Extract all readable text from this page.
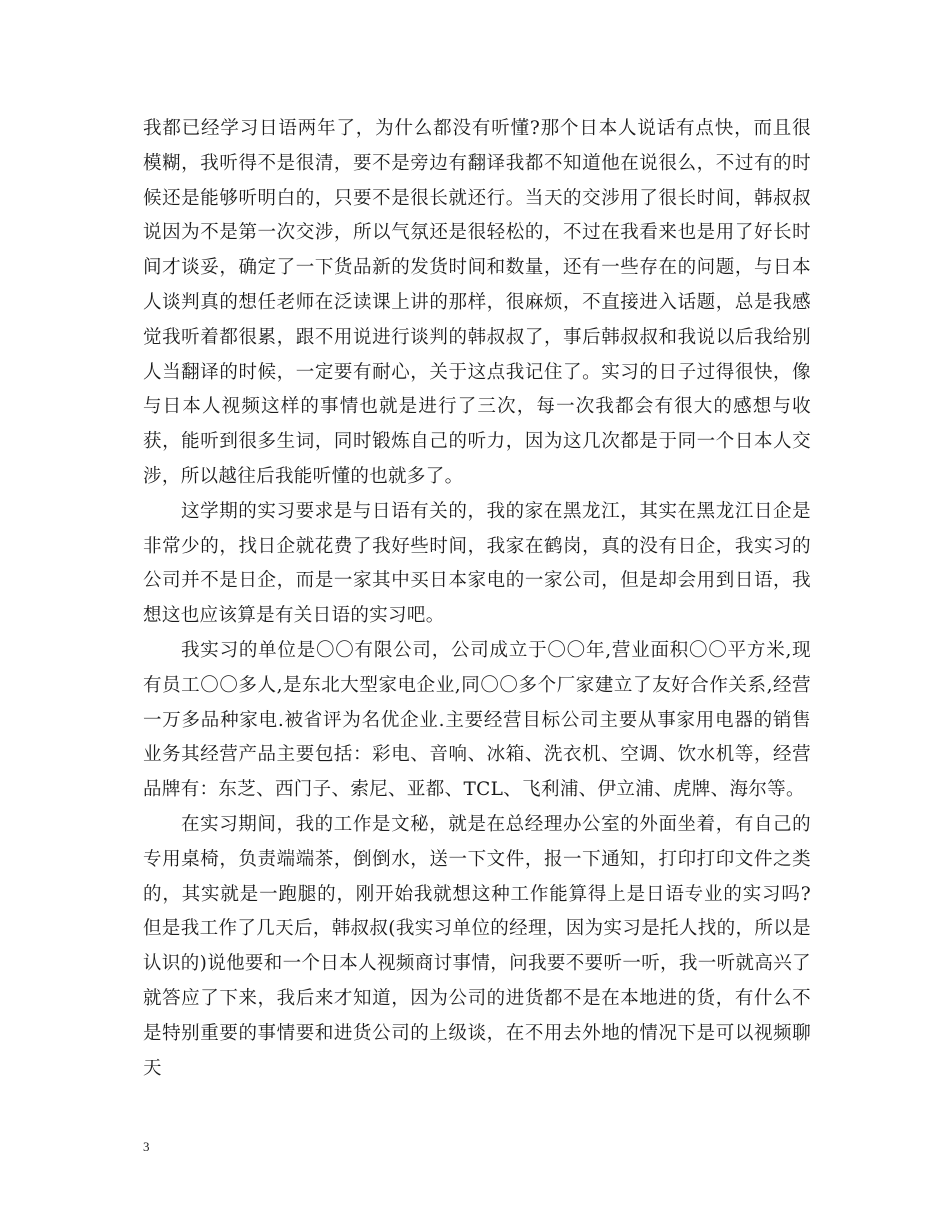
我都已经学习日语两年了，为什么都没有听懂?那个日本人说话有点快，而且很模糊，我听得不是很清，要不是旁边有翻译我都不知道他在说很么，不过有的时候还是能够听明白的，只要不是很长就还行。当天的交涉用了很长时间，韩叔叔说因为不是第一次交涉，所以气氛还是很轻松的，不过在我看来也是用了好长时间才谈妥，确定了一下货品新的发货时间和数量，还有一些存在的问题，与日本人谈判真的想任老师在泛读课上讲的那样，很麻烦，不直接进入话题，总是我感觉我听着都很累，跟不用说进行谈判的韩叔叔了，事后韩叔叔和我说以后我给别人当翻译的时候，一定要有耐心，关于这点我记住了。实习的日子过得很快，像与日本人视频这样的事情也就是进行了三次，每一次我都会有很大的感想与收获，能听到很多生词，同时锻炼自己的听力，因为这几次都是于同一个日本人交涉，所以越往后我能听懂的也就多了。

这学期的实习要求是与日语有关的，我的家在黑龙江，其实在黑龙江日企是非常少的，找日企就花费了我好些时间，我家在鹤岗，真的没有日企，我实习的公司并不是日企，而是一家其中买日本家电的一家公司，但是却会用到日语，我想这也应该算是有关日语的实习吧。

我实习的单位是〇〇有限公司，公司成立于〇〇年,营业面积〇〇平方米,现有员工〇〇多人,是东北大型家电企业,同〇〇多个厂家建立了友好合作关系,经营一万多品种家电.被省评为名优企业.主要经营目标公司主要从事家用电器的销售业务其经营产品主要包括：彩电、音响、冰箱、洗衣机、空调、饮水机等，经营品牌有：东芝、西门子、索尼、亚都、TCL、飞利浦、伊立浦、虎牌、海尔等。

在实习期间，我的工作是文秘，就是在总经理办公室的外面坐着，有自己的专用桌椅，负责端端茶，倒倒水，送一下文件，报一下通知，打印打印文件之类的，其实就是一跑腿的，刚开始我就想这种工作能算得上是日语专业的实习吗?但是我工作了几天后，韩叔叔(我实习单位的经理，因为实习是托人找的，所以是认识的)说他要和一个日本人视频商讨事情，问我要不要听一听，我一听就高兴了就答应了下来，我后来才知道，因为公司的进货都不是在本地进的货，有什么不是特别重要的事情要和进货公司的上级谈，在不用去外地的情况下是可以视频聊天

3
